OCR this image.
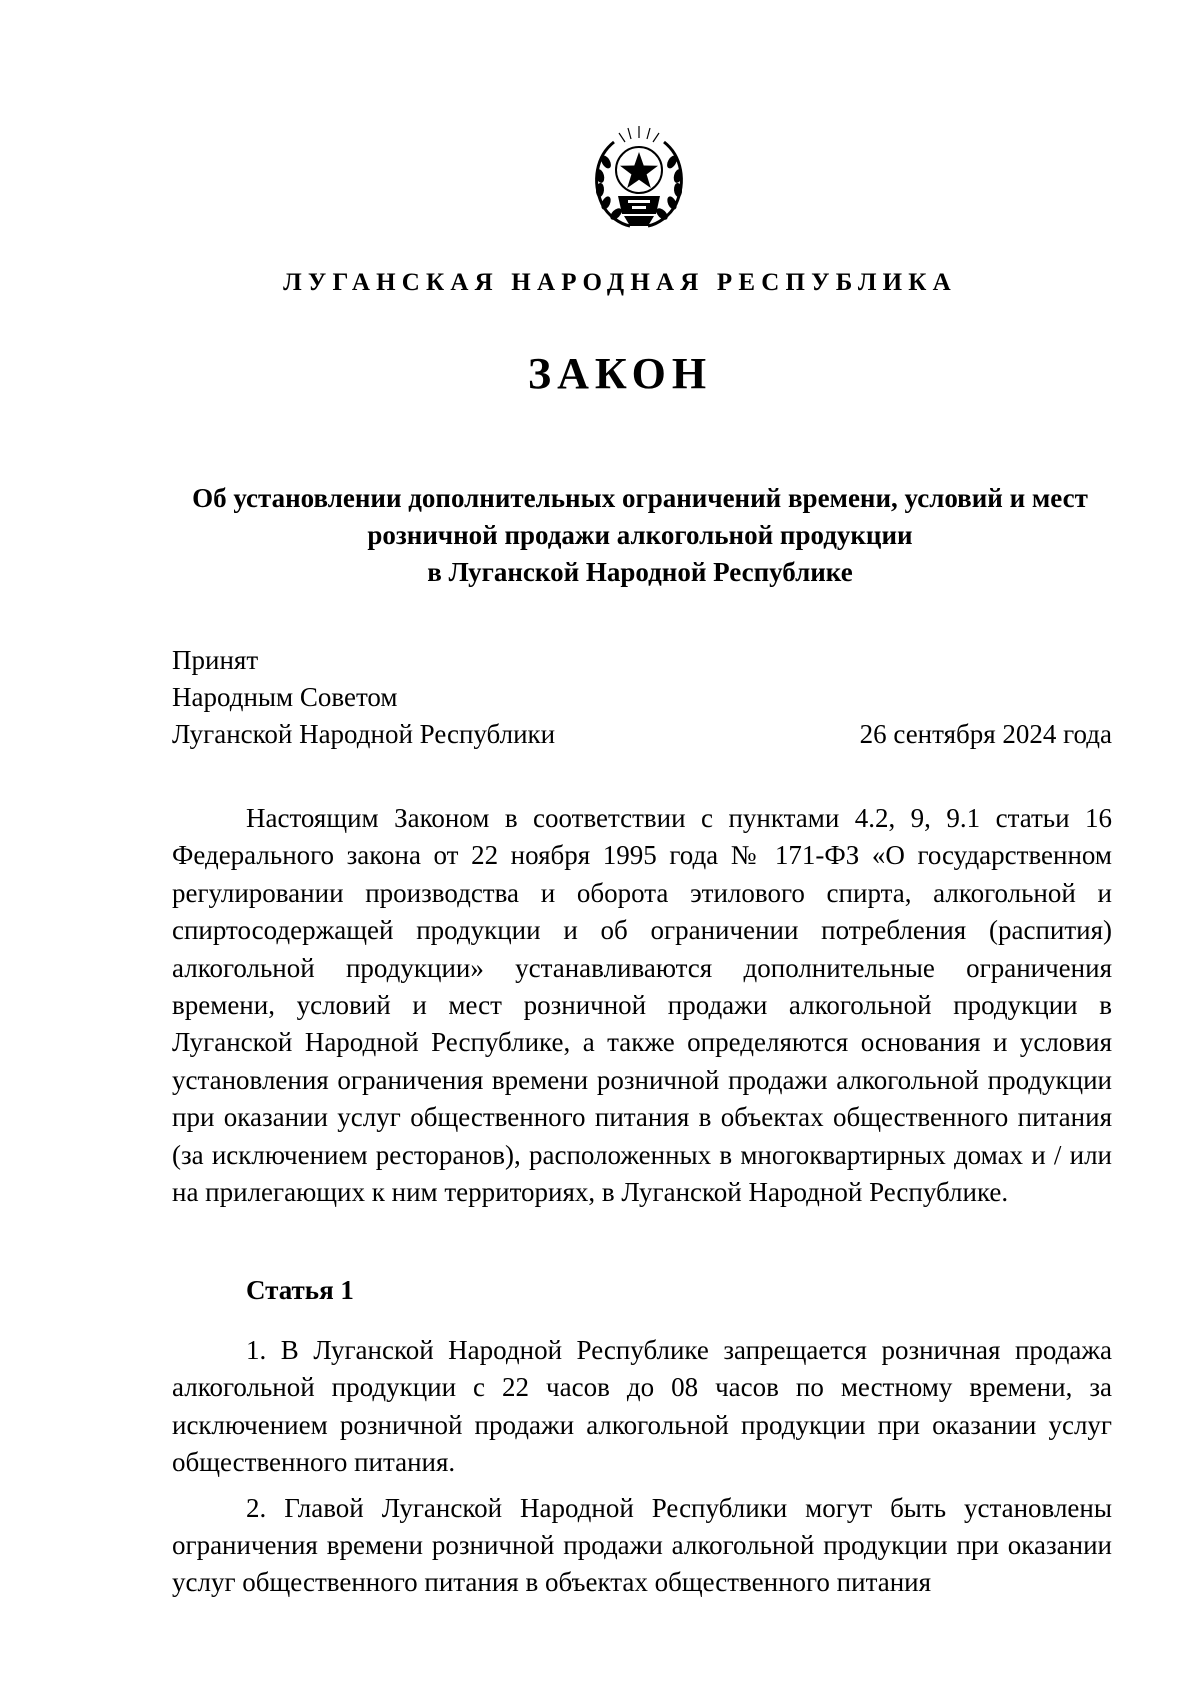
ЛУГАНСКАЯ НАРОДНАЯ РЕСПУБЛИКА
ЗАКОН
Об установлении дополнительных ограничений времени, условий и мест
розничной продажи алкогольной продукции
в Луганской Народной Республике
Принят
Народным Советом
Луганской Народной Республики	26 сентября 2024 года

Настоящим Законом в соответствии с пунктами 4.2, 9, 9.1 статьи 16 Федерального закона от 22 ноября 1995 года № 171-ФЗ «О государственном регулировании производства и оборота этилового спирта, алкогольной и спиртосодержащей продукции и об ограничении потребления (распития) алкогольной продукции» устанавливаются дополнительные ограничения времени, условий и мест розничной продажи алкогольной продукции в Луганской Народной Республике, а также определяются основания и условия установления ограничения времени розничной продажи алкогольной продукции при оказании услуг общественного питания в объектах общественного питания (за исключением ресторанов), расположенных в многоквартирных домах и / или на прилегающих к ним территориях, в Луганской Народной Республике.

Статья 1

1. В Луганской Народной Республике запрещается розничная продажа алкогольной продукции с 22 часов до 08 часов по местному времени, за исключением розничной продажи алкогольной продукции при оказании услуг общественного питания.

2. Главой Луганской Народной Республики могут быть установлены ограничения времени розничной продажи алкогольной продукции при оказании услуг общественного питания в объектах общественного питания
